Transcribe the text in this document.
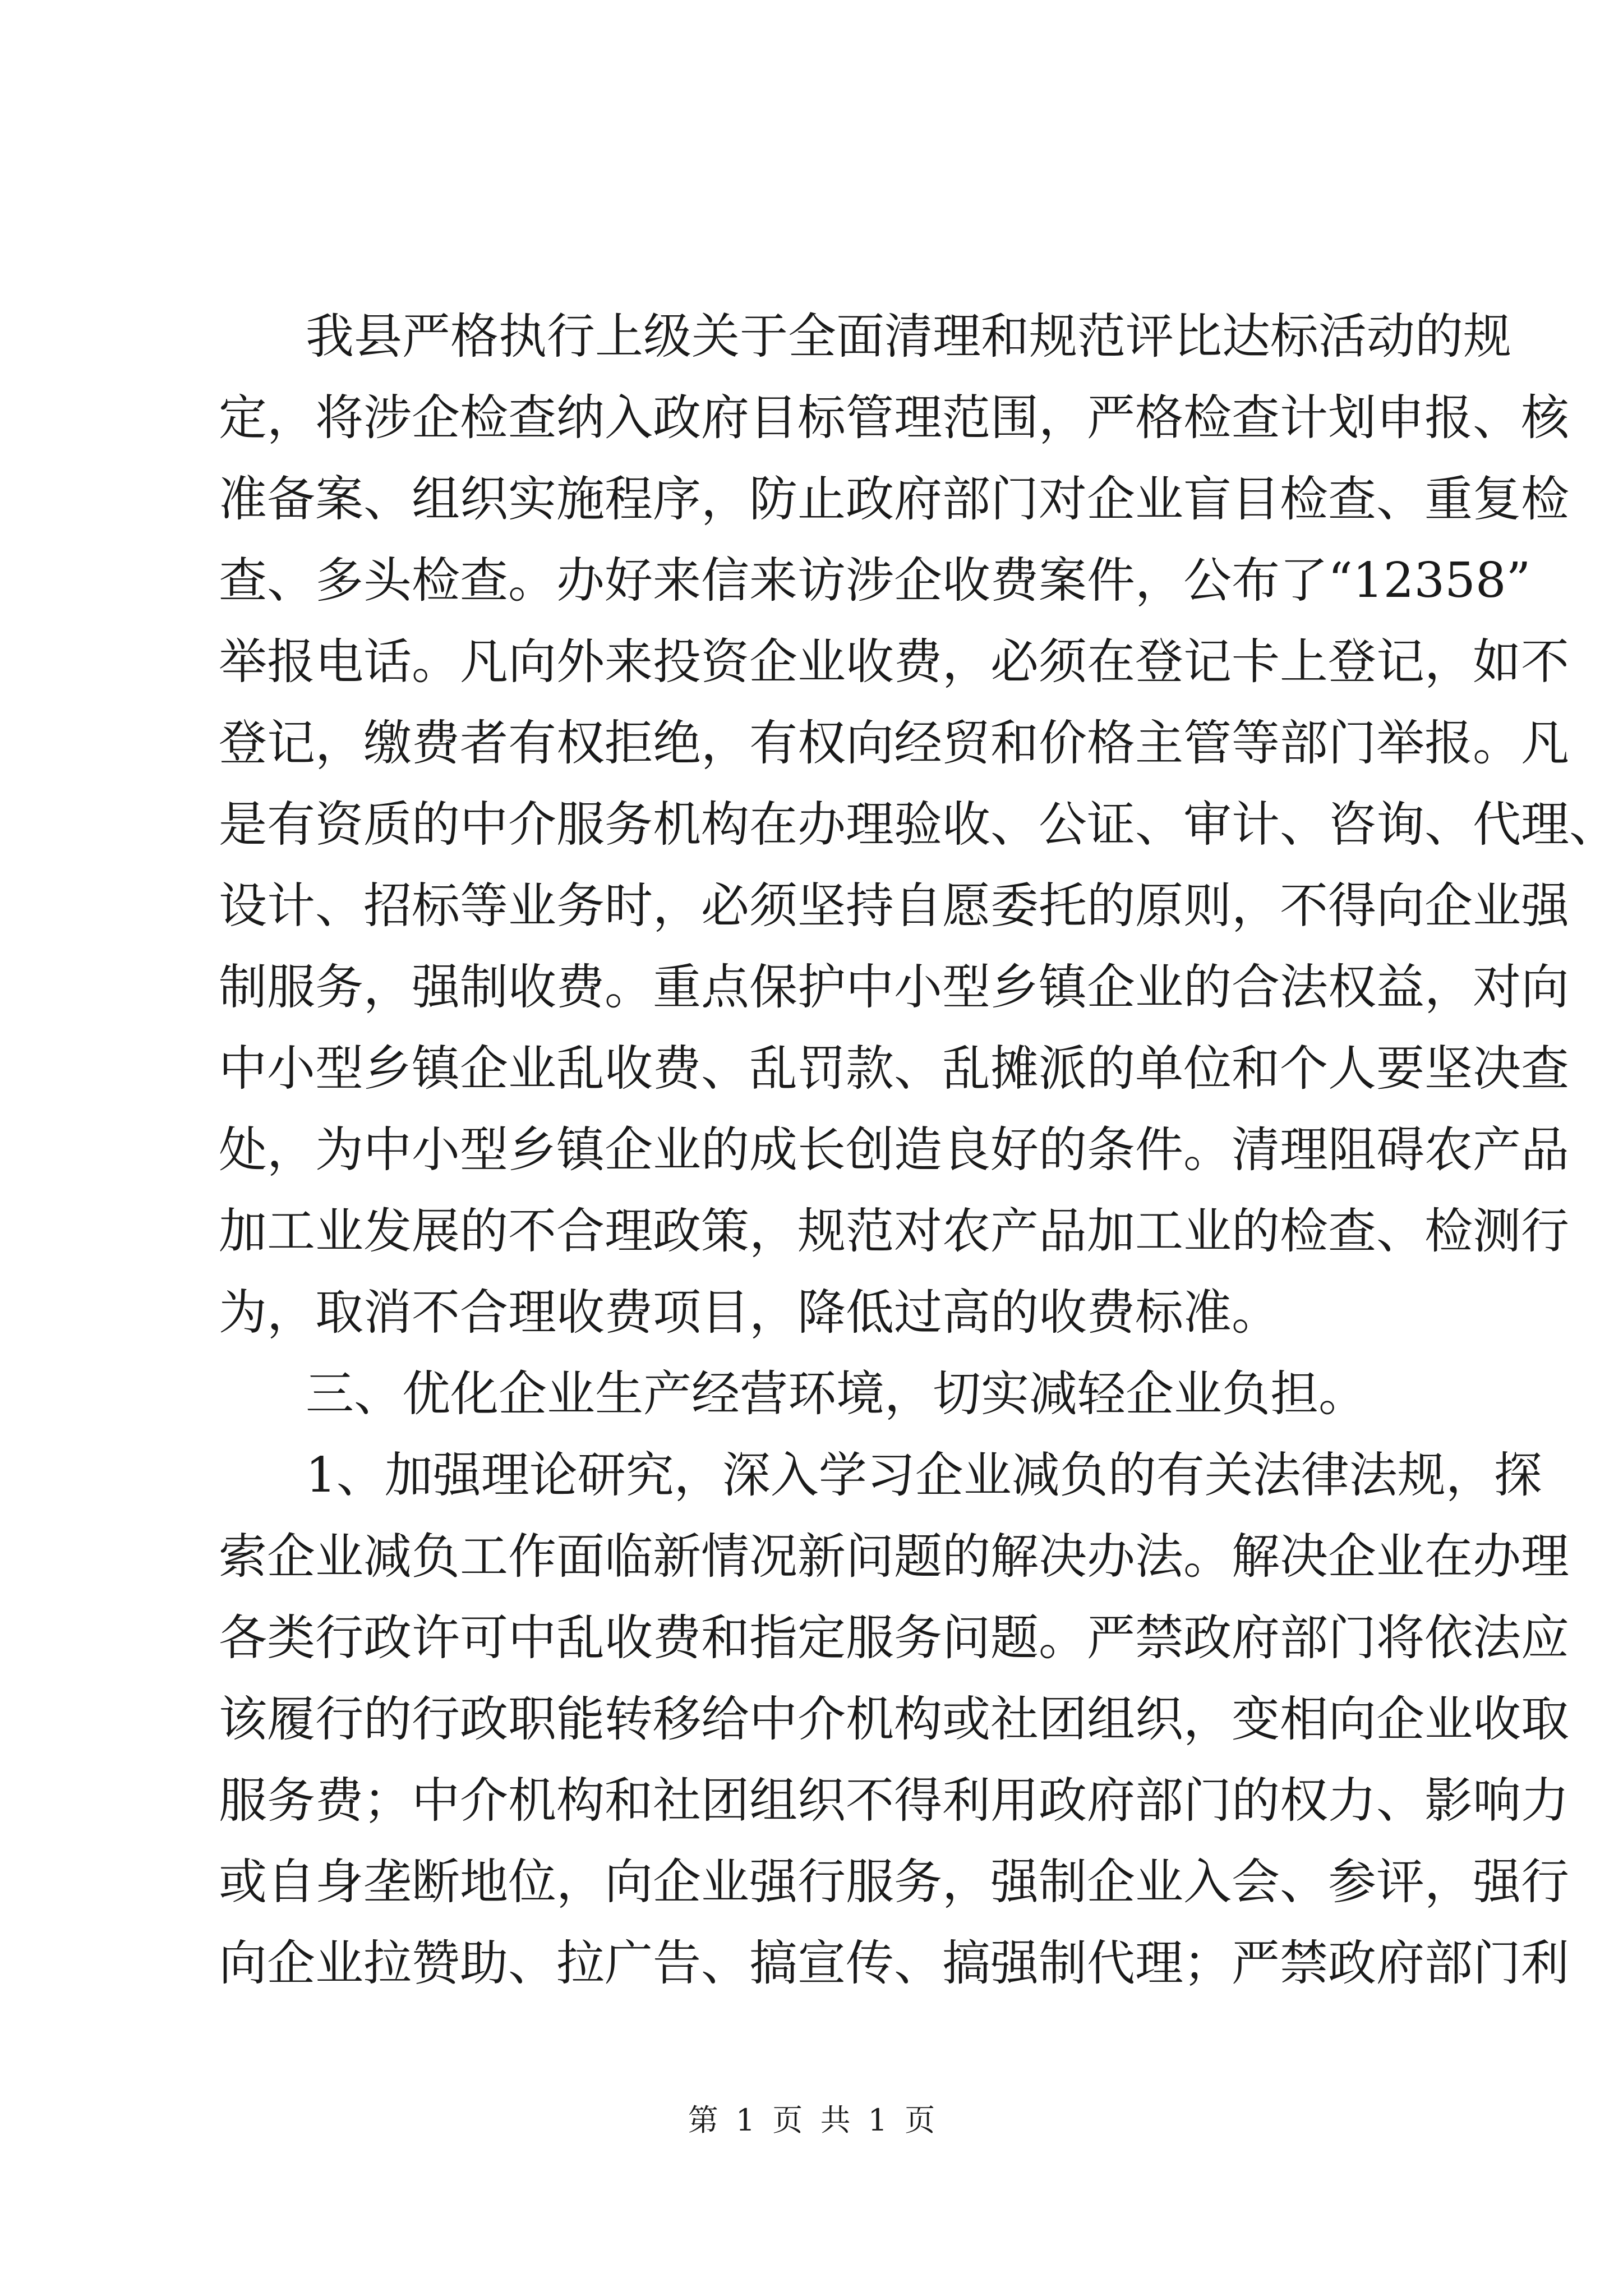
我县严格执行上级关于全面清理和规范评比达标活动的规
定，将涉企检查纳入政府目标管理范围，严格检查计划申报、核
准备案、组织实施程序，防止政府部门对企业盲目检查、重复检
查、多头检查。办好来信来访涉企收费案件，公布了“12358”
举报电话。凡向外来投资企业收费，必须在登记卡上登记，如不
登记，缴费者有权拒绝，有权向经贸和价格主管等部门举报。凡
是有资质的中介服务机构在办理验收、公证、审计、咨询、代理、
设计、招标等业务时，必须坚持自愿委托的原则，不得向企业强
制服务，强制收费。重点保护中小型乡镇企业的合法权益，对向
中小型乡镇企业乱收费、乱罚款、乱摊派的单位和个人要坚决查
处，为中小型乡镇企业的成长创造良好的条件。清理阻碍农产品
加工业发展的不合理政策，规范对农产品加工业的检查、检测行
为，取消不合理收费项目，降低过高的收费标准。
三、优化企业生产经营环境，切实减轻企业负担。
1、加强理论研究，深入学习企业减负的有关法律法规，探
索企业减负工作面临新情况新问题的解决办法。解决企业在办理
各类行政许可中乱收费和指定服务问题。严禁政府部门将依法应
该履行的行政职能转移给中介机构或社团组织，变相向企业收取
服务费；中介机构和社团组织不得利用政府部门的权力、影响力
或自身垄断地位，向企业强行服务，强制企业入会、参评，强行
向企业拉赞助、拉广告、搞宣传、搞强制代理；严禁政府部门利
第 1 页 共 1 页
